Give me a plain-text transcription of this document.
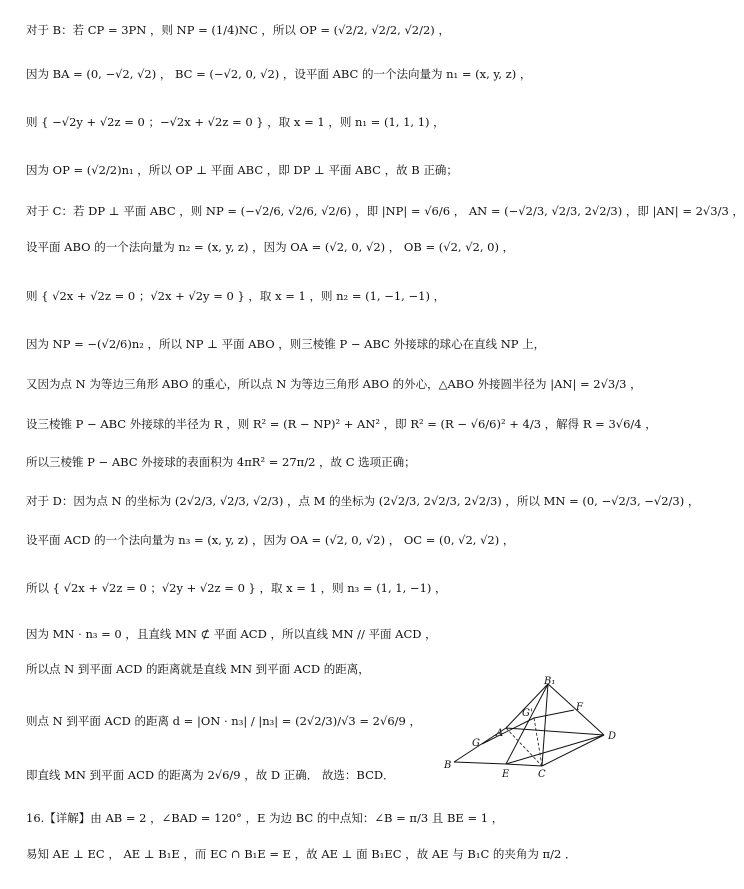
对于 B：若 CP = 3PN ，则 NP = (1/4)NC ，所以 OP = (√2/2, √2/2, √2/2) ，
因为 BA = (0, −√2, √2) ， BC = (−√2, 0, √2) ，设平面 ABC 的一个法向量为 n₁ = (x, y, z) ，
则 { −√2y + √2z = 0 ；−√2x + √2z = 0 } ，取 x = 1 ，则 n₁ = (1, 1, 1) ，
因为 OP = (√2/2)n₁ ，所以 OP ⊥ 平面 ABC ，即 DP ⊥ 平面 ABC ，故 B 正确；
对于 C：若 DP ⊥ 平面 ABC ，则 NP = (−√2/6, √2/6, √2/6) ，即 |NP| = √6/6 ， AN = (−√2/3, √2/3, 2√2/3) ，即 |AN| = 2√3/3 ，
设平面 ABO 的一个法向量为 n₂ = (x, y, z) ，因为 OA = (√2, 0, √2) ， OB = (√2, √2, 0) ，
则 { √2x + √2z = 0 ；√2x + √2y = 0 } ，取 x = 1 ，则 n₂ = (1, −1, −1) ，
因为 NP = −(√2/6)n₂ ，所以 NP ⊥ 平面 ABO ，则三棱锥 P − ABC 外接球的球心在直线 NP 上，
又因为点 N 为等边三角形 ABO 的重心，所以点 N 为等边三角形 ABO 的外心，△ABO 外接圆半径为 |AN| = 2√3/3 ，
设三棱锥 P − ABC 外接球的半径为 R ，则 R² = (R − NP)² + AN² ，即 R² = (R − √6/6)² + 4/3 ，解得 R = 3√6/4 ，
所以三棱锥 P − ABC 外接球的表面积为 4πR² = 27π/2 ，故 C 选项正确；
对于 D：因为点 N 的坐标为 (2√2/3, √2/3, √2/3) ，点 M 的坐标为 (2√2/3, 2√2/3, 2√2/3) ，所以 MN = (0, −√2/3, −√2/3) ，
设平面 ACD 的一个法向量为 n₃ = (x, y, z) ，因为 OA = (√2, 0, √2) ， OC = (0, √2, √2) ，
所以 { √2x + √2z = 0 ；√2y + √2z = 0 } ，取 x = 1 ，则 n₃ = (1, 1, −1) ，
因为 MN · n₃ = 0 ，且直线 MN ⊄ 平面 ACD ，所以直线 MN // 平面 ACD ，
所以点 N 到平面 ACD 的距离就是直线 MN 到平面 ACD 的距离，
则点 N 到平面 ACD 的距离 d = |ON · n₃| / |n₃| = (2√2/3)/√3 = 2√6/9 ，
即直线 MN 到平面 ACD 的距离为 2√6/9 ，故 D 正确． 故选：BCD．
16.【详解】由 AB = 2 ，∠BAD = 120° ，E 为边 BC 的中点知：∠B = π/3 且 BE = 1 ，
易知 AE ⊥ EC ， AE ⊥ B₁E ，而 EC ∩ B₁E = E ，故 AE ⊥ 面 B₁EC ，故 AE 与 B₁C 的夹角为 π/2 ．
B₁
G'
F
A
G
D
B
E	C
